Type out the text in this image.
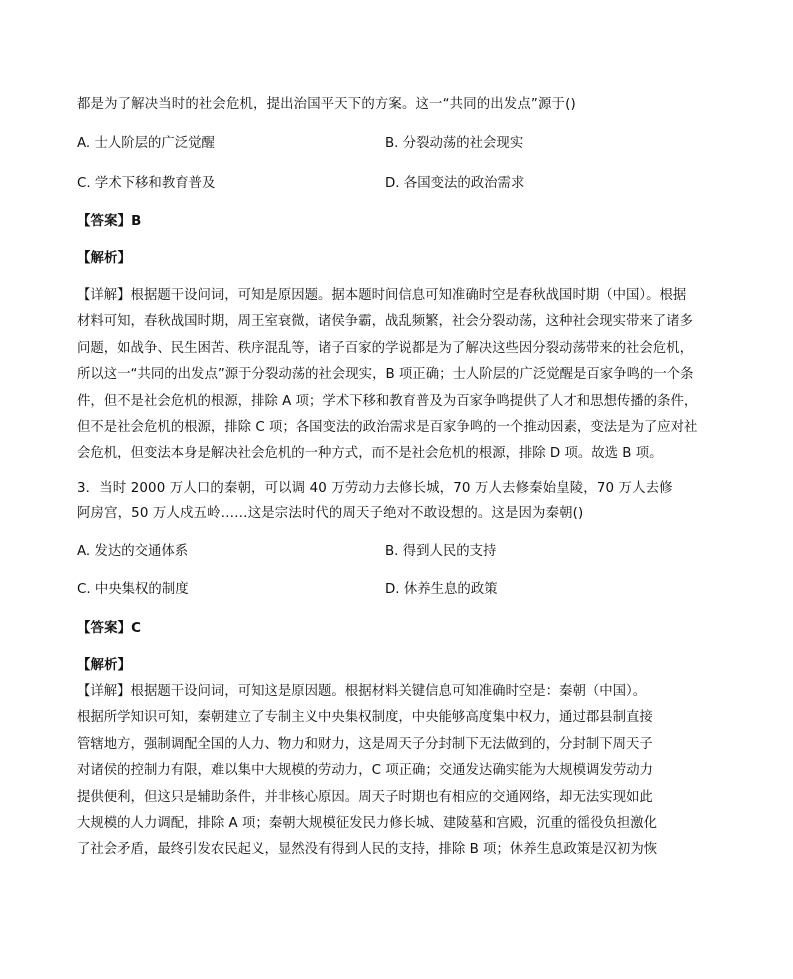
都是为了解决当时的社会危机，提出治国平天下的方案。这一“共同的出发点”源于()
A. 士人阶层的广泛觉醒	B. 分裂动荡的社会现实
C. 学术下移和教育普及	D. 各国变法的政治需求
【答案】B
【解析】
【详解】根据题干设问词，可知是原因题。据本题时间信息可知准确时空是春秋战国时期（中国）。根据
材料可知，春秋战国时期，周王室衰微，诸侯争霸，战乱频繁，社会分裂动荡，这种社会现实带来了诸多
问题，如战争、民生困苦、秩序混乱等，诸子百家的学说都是为了解决这些因分裂动荡带来的社会危机，
所以这一“共同的出发点”源于分裂动荡的社会现实，B 项正确；士人阶层的广泛觉醒是百家争鸣的一个条
件，但不是社会危机的根源，排除 A 项；学术下移和教育普及为百家争鸣提供了人才和思想传播的条件，
但不是社会危机的根源，排除 C 项；各国变法的政治需求是百家争鸣的一个推动因素，变法是为了应对社
会危机，但变法本身是解决社会危机的一种方式，而不是社会危机的根源，排除 D 项。故选 B 项。
3．当时 2000 万人口的秦朝，可以调 40 万劳动力去修长城，70 万人去修秦始皇陵，70 万人去修
阿房宫，50 万人戍五岭……这是宗法时代的周天子绝对不敢设想的。这是因为秦朝()
A. 发达的交通体系	B. 得到人民的支持
C. 中央集权的制度	D. 休养生息的政策
【答案】C
【解析】
【详解】根据题干设问词，可知这是原因题。根据材料关键信息可知准确时空是：秦朝（中国）。
根据所学知识可知，秦朝建立了专制主义中央集权制度，中央能够高度集中权力，通过郡县制直接
管辖地方，强制调配全国的人力、物力和财力，这是周天子分封制下无法做到的，分封制下周天子
对诸侯的控制力有限，难以集中大规模的劳动力，C 项正确；交通发达确实能为大规模调发劳动力
提供便利，但这只是辅助条件，并非核心原因。周天子时期也有相应的交通网络，却无法实现如此
大规模的人力调配，排除 A 项；秦朝大规模征发民力修长城、建陵墓和宫殿，沉重的徭役负担激化
了社会矛盾，最终引发农民起义，显然没有得到人民的支持，排除 B 项；休养生息政策是汉初为恢
